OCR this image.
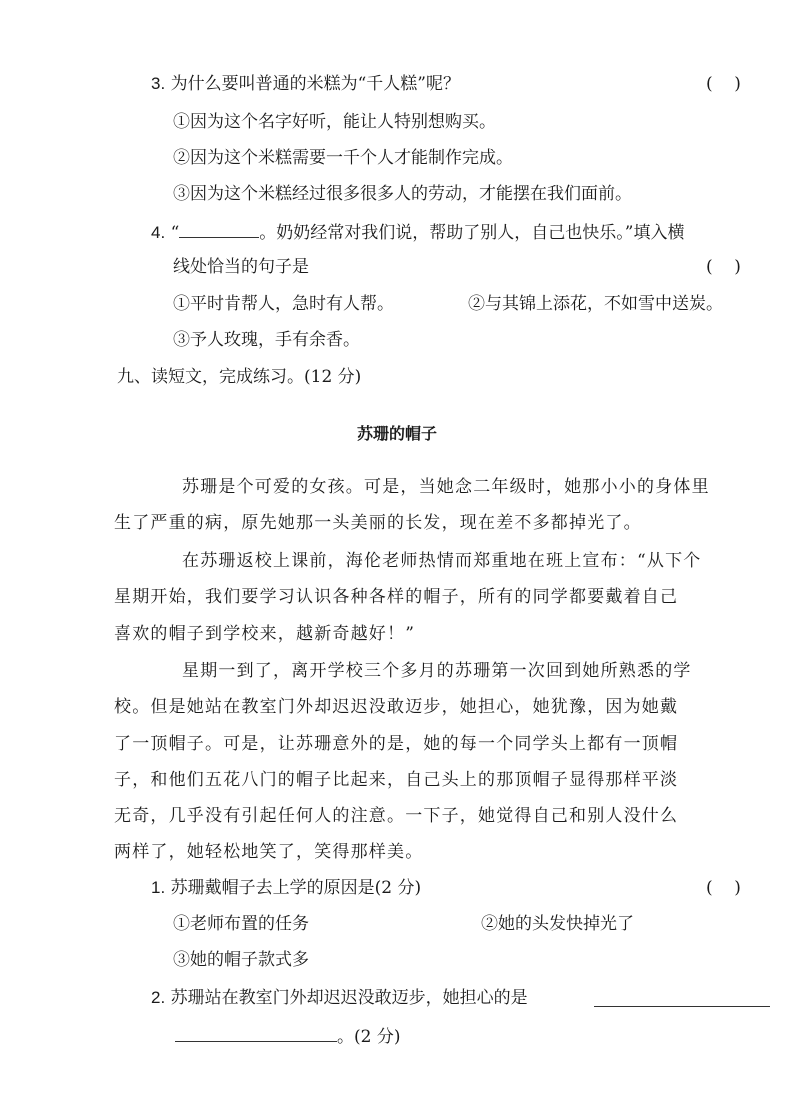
3. 为什么要叫普通的米糕为“千人糕”呢？	(    )
①因为这个名字好听，能让人特别想购买。
②因为这个米糕需要一千个人才能制作完成。
③因为这个米糕经过很多很多人的劳动，才能摆在我们面前。
4. “	。奶奶经常对我们说，帮助了别人，自己也快乐。”填入横
线处恰当的句子是	(    )
①平时肯帮人，急时有人帮。	②与其锦上添花，不如雪中送炭。
③予人玫瑰，手有余香。
九、读短文，完成练习。(12 分)
苏珊的帽子
苏珊是个可爱的女孩。可是，当她念二年级时，她那小小的身体里
生了严重的病，原先她那一头美丽的长发，现在差不多都掉光了。
在苏珊返校上课前，海伦老师热情而郑重地在班上宣布：“从下个
星期开始，我们要学习认识各种各样的帽子，所有的同学都要戴着自己
喜欢的帽子到学校来，越新奇越好！”
星期一到了，离开学校三个多月的苏珊第一次回到她所熟悉的学
校。但是她站在教室门外却迟迟没敢迈步，她担心，她犹豫，因为她戴
了一顶帽子。可是，让苏珊意外的是，她的每一个同学头上都有一顶帽
子，和他们五花八门的帽子比起来，自己头上的那顶帽子显得那样平淡
无奇，几乎没有引起任何人的注意。一下子，她觉得自己和别人没什么
两样了，她轻松地笑了，笑得那样美。
1. 苏珊戴帽子去上学的原因是(2 分)	(    )
①老师布置的任务	②她的头发快掉光了
③她的帽子款式多
2. 苏珊站在教室门外却迟迟没敢迈步，她担心的是
。(2 分)
